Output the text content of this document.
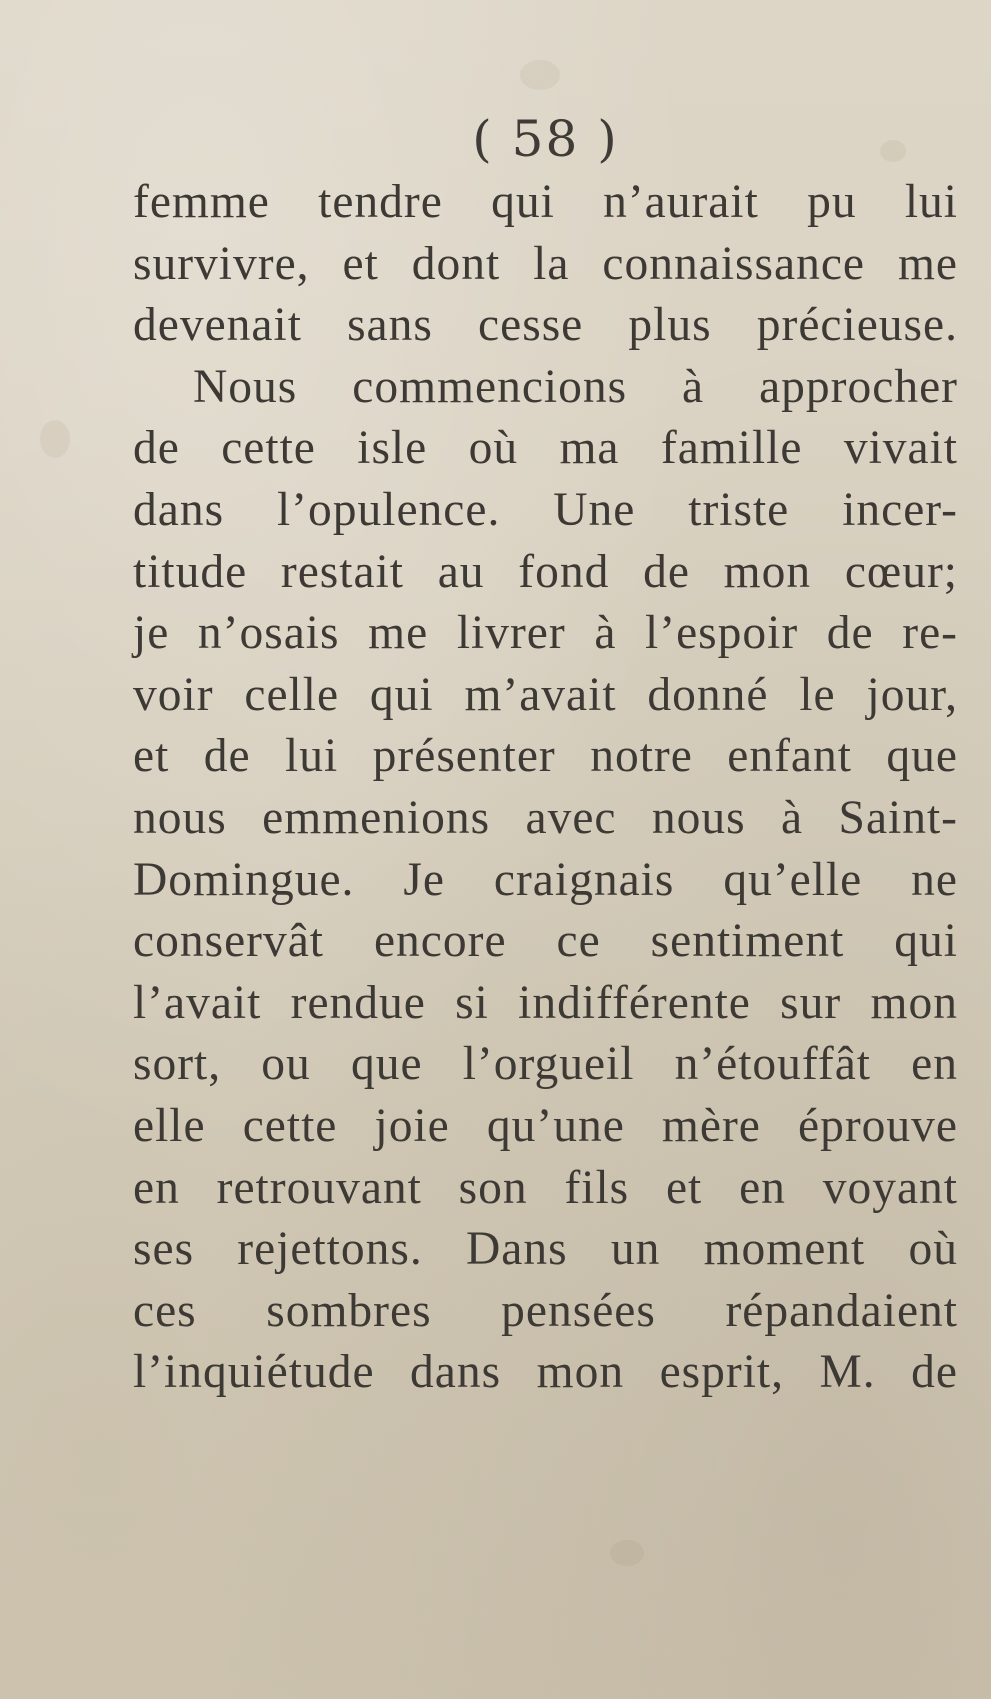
( 58 )
femme tendre qui n’aurait pu lui
survivre, et dont la connaissance me
devenait sans cesse plus précieuse.
Nous commencions à approcher
de cette isle où ma famille vivait
dans l’opulence. Une triste incer-
titude restait au fond de mon cœur;
je n’osais me livrer à l’espoir de re-
voir celle qui m’avait donné le jour,
et de lui présenter notre enfant que
nous emmenions avec nous à Saint-
Domingue. Je craignais qu’elle ne
conservât encore ce sentiment qui
l’avait rendue si indifférente sur mon
sort, ou que l’orgueil n’étouffât en
elle cette joie qu’une mère éprouve
en retrouvant son fils et en voyant
ses rejettons. Dans un moment où
ces sombres pensées répandaient
l’inquiétude dans mon esprit, M. de
